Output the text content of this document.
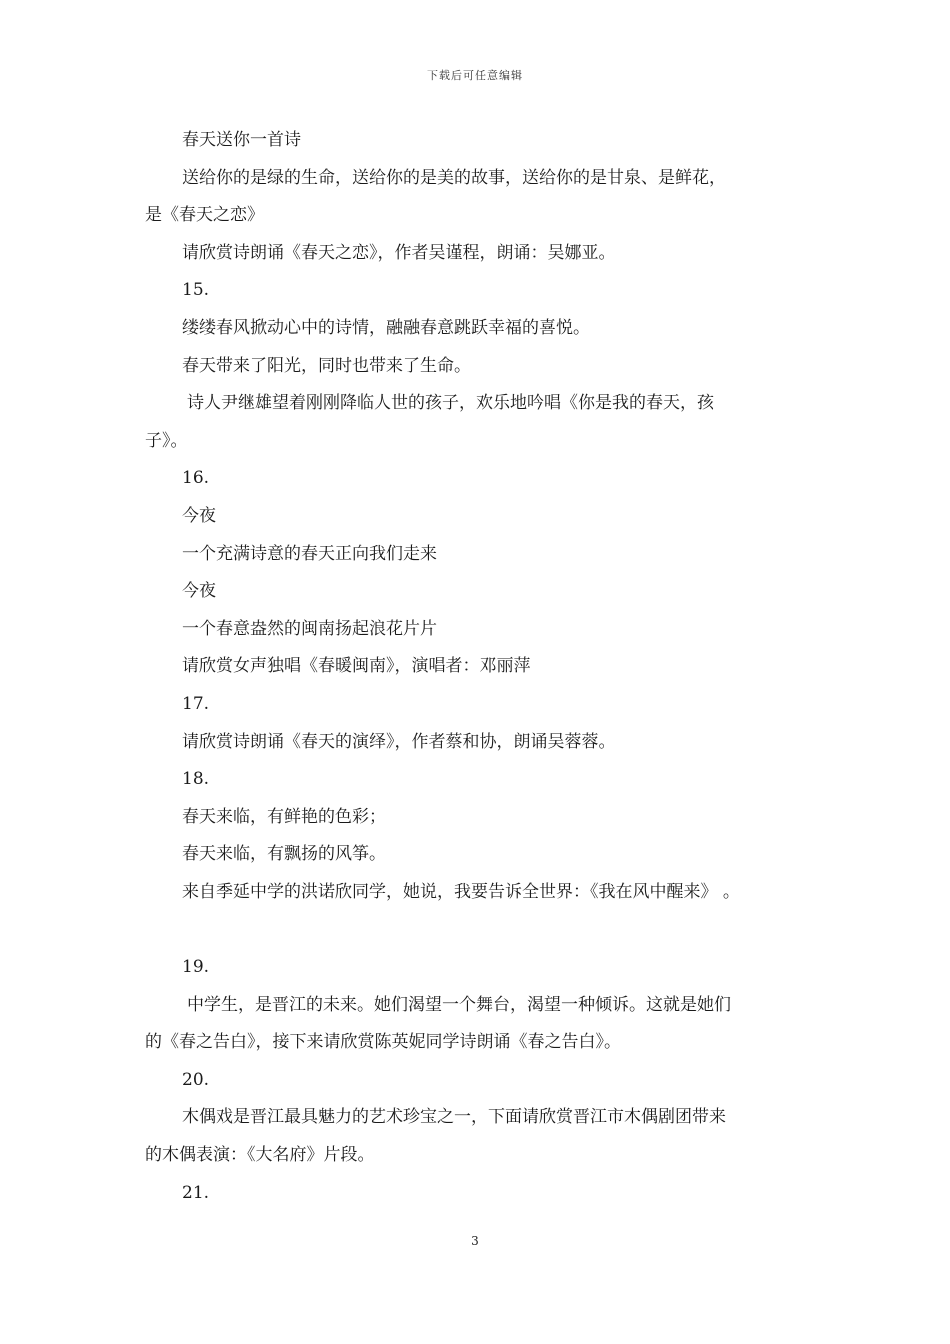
下载后可任意编辑

春天送你一首诗

送给你的是绿的生命，送给你的是美的故事，送给你的是甘泉、是鲜花，

是《春天之恋》

请欣赏诗朗诵《春天之恋》，作者吴谨程，朗诵：吴娜亚。

15.

缕缕春风掀动心中的诗情，融融春意跳跃幸福的喜悦。

春天带来了阳光，同时也带来了生命。

诗人尹继雄望着刚刚降临人世的孩子，欢乐地吟唱《你是我的春天，孩

子》。

16.

今夜

一个充满诗意的春天正向我们走来

今夜

一个春意盎然的闽南扬起浪花片片

请欣赏女声独唱《春暖闽南》，演唱者：邓丽萍

17.

请欣赏诗朗诵《春天的演绎》，作者蔡和协，朗诵吴蓉蓉。

18.

春天来临，有鲜艳的色彩；

春天来临，有飘扬的风筝。

来自季延中学的洪诺欣同学，她说，我要告诉全世界：《我在风中醒来》 。

19.

中学生，是晋江的未来。她们渴望一个舞台，渴望一种倾诉。这就是她们

的《春之告白》，接下来请欣赏陈英妮同学诗朗诵《春之告白》。

20.

木偶戏是晋江最具魅力的艺术珍宝之一，下面请欣赏晋江市木偶剧团带来

的木偶表演：《大名府》片段。

21.

3
